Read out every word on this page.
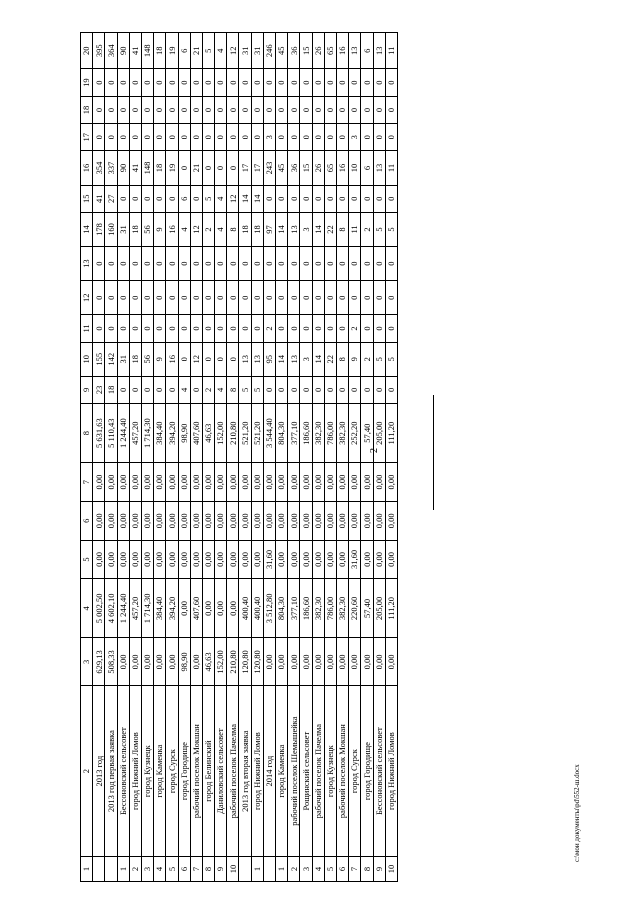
1	2	3	4	5	6	7	8	9	10	11	12	13	14	15	16	17	18	19	20
	2013 год	629,13	5 002,50	0,00	0,00	0,00	5 631,63	23	155	0	0	0	178	41	354	0	0	0	395
	2013 год первая заявка	508,33	4 602,10	0,00	0,00	0,00	5 110,43	18	142	0	0	0	160	27	337	0	0	0	364
1	Бессоновский сельсовет	0,00	1 244,40	0,00	0,00	0,00	1 244,40	0	31	0	0	0	31	0	90	0	0	0	90
2	город Нижний Ломов	0,00	457,20	0,00	0,00	0,00	457,20	0	18	0	0	0	18	0	41	0	0	0	41
3	город Кузнецк	0,00	1 714,30	0,00	0,00	0,00	1 714,30	0	56	0	0	0	56	0	148	0	0	0	148
4	город Каменка	0,00	384,40	0,00	0,00	0,00	384,40	0	9	0	0	0	9	0	18	0	0	0	18
5	город Сурск	0,00	394,20	0,00	0,00	0,00	394,20	0	16	0	0	0	16	0	19	0	0	0	19
6	город Городище	98,90	0,00	0,00	0,00	0,00	98,90	4	0	0	0	0	4	6	0	0	0	0	6
7	рабочий поселок Мокшан	0,00	407,60	0,00	0,00	0,00	407,60	0	12	0	0	0	12	0	21	0	0	0	21
8	город Белинский	46,63	0,00	0,00	0,00	0,00	46,63	2	0	0	0	0	2	5	0	0	0	0	5
9	Даниловский сельсовет	152,00	0,00	0,00	0,00	0,00	152,00	4	0	0	0	0	4	4	0	0	0	0	4
10	рабочий поселок Пачелма	210,80	0,00	0,00	0,00	0,00	210,80	8	0	0	0	0	8	12	0	0	0	0	12
	2013 год вторая заявка	120,80	400,40	0,00	0,00	0,00	521,20	5	13	0	0	0	18	14	17	0	0	0	31
1	город Нижний Ломов	120,80	400,40	0,00	0,00	0,00	521,20	5	13	0	0	0	18	14	17	0	0	0	31
	2014 год	0,00	3 512,80	31,60	0,00	0,00	3 544,40	0	95	2	0	0	97	0	243	3	0	0	246
1	город Каменка	0,00	804,30	0,00	0,00	0,00	804,30	0	14	0	0	0	14	0	45	0	0	0	45
2	рабочий поселок Шемышейка	0,00	377,10	0,00	0,00	0,00	377,10	0	13	0	0	0	13	0	36	0	0	0	36
3	Рощинский сельсовет	0,00	186,60	0,00	0,00	0,00	186,60	0	3	0	0	0	3	0	15	0	0	0	15
4	рабочий поселок Пачелма	0,00	382,30	0,00	0,00	0,00	382,30	0	14	0	0	0	14	0	26	0	0	0	26
5	город Кузнецк	0,00	786,00	0,00	0,00	0,00	786,00	0	22	0	0	0	22	0	65	0	0	0	65
6	рабочий поселок Мокшан	0,00	382,30	0,00	0,00	0,00	382,30	0	8	0	0	0	8	0	16	0	0	0	16
7	город Сурск	0,00	220,60	31,60	0,00	0,00	252,20	0	9	2	0	0	11	0	10	3	0	0	13
8	город Городище	0,00	57,40	0,00	0,00	0,00	57,40	0	2	0	0	0	2	0	6	0	0	0	6
9	Бессоновский сельсовет	0,00	205,00	0,00	0,00	0,00	205,00	0	5	0	0	0	5	0	13	0	0	0	13
10	город Нижний Ломов	0,00	111,20	0,00	0,00	0,00	111,20	0	5	0	0	0	5	0	11	0	0	0	11
2
c:\мои документы\pd\552-ш.docx
